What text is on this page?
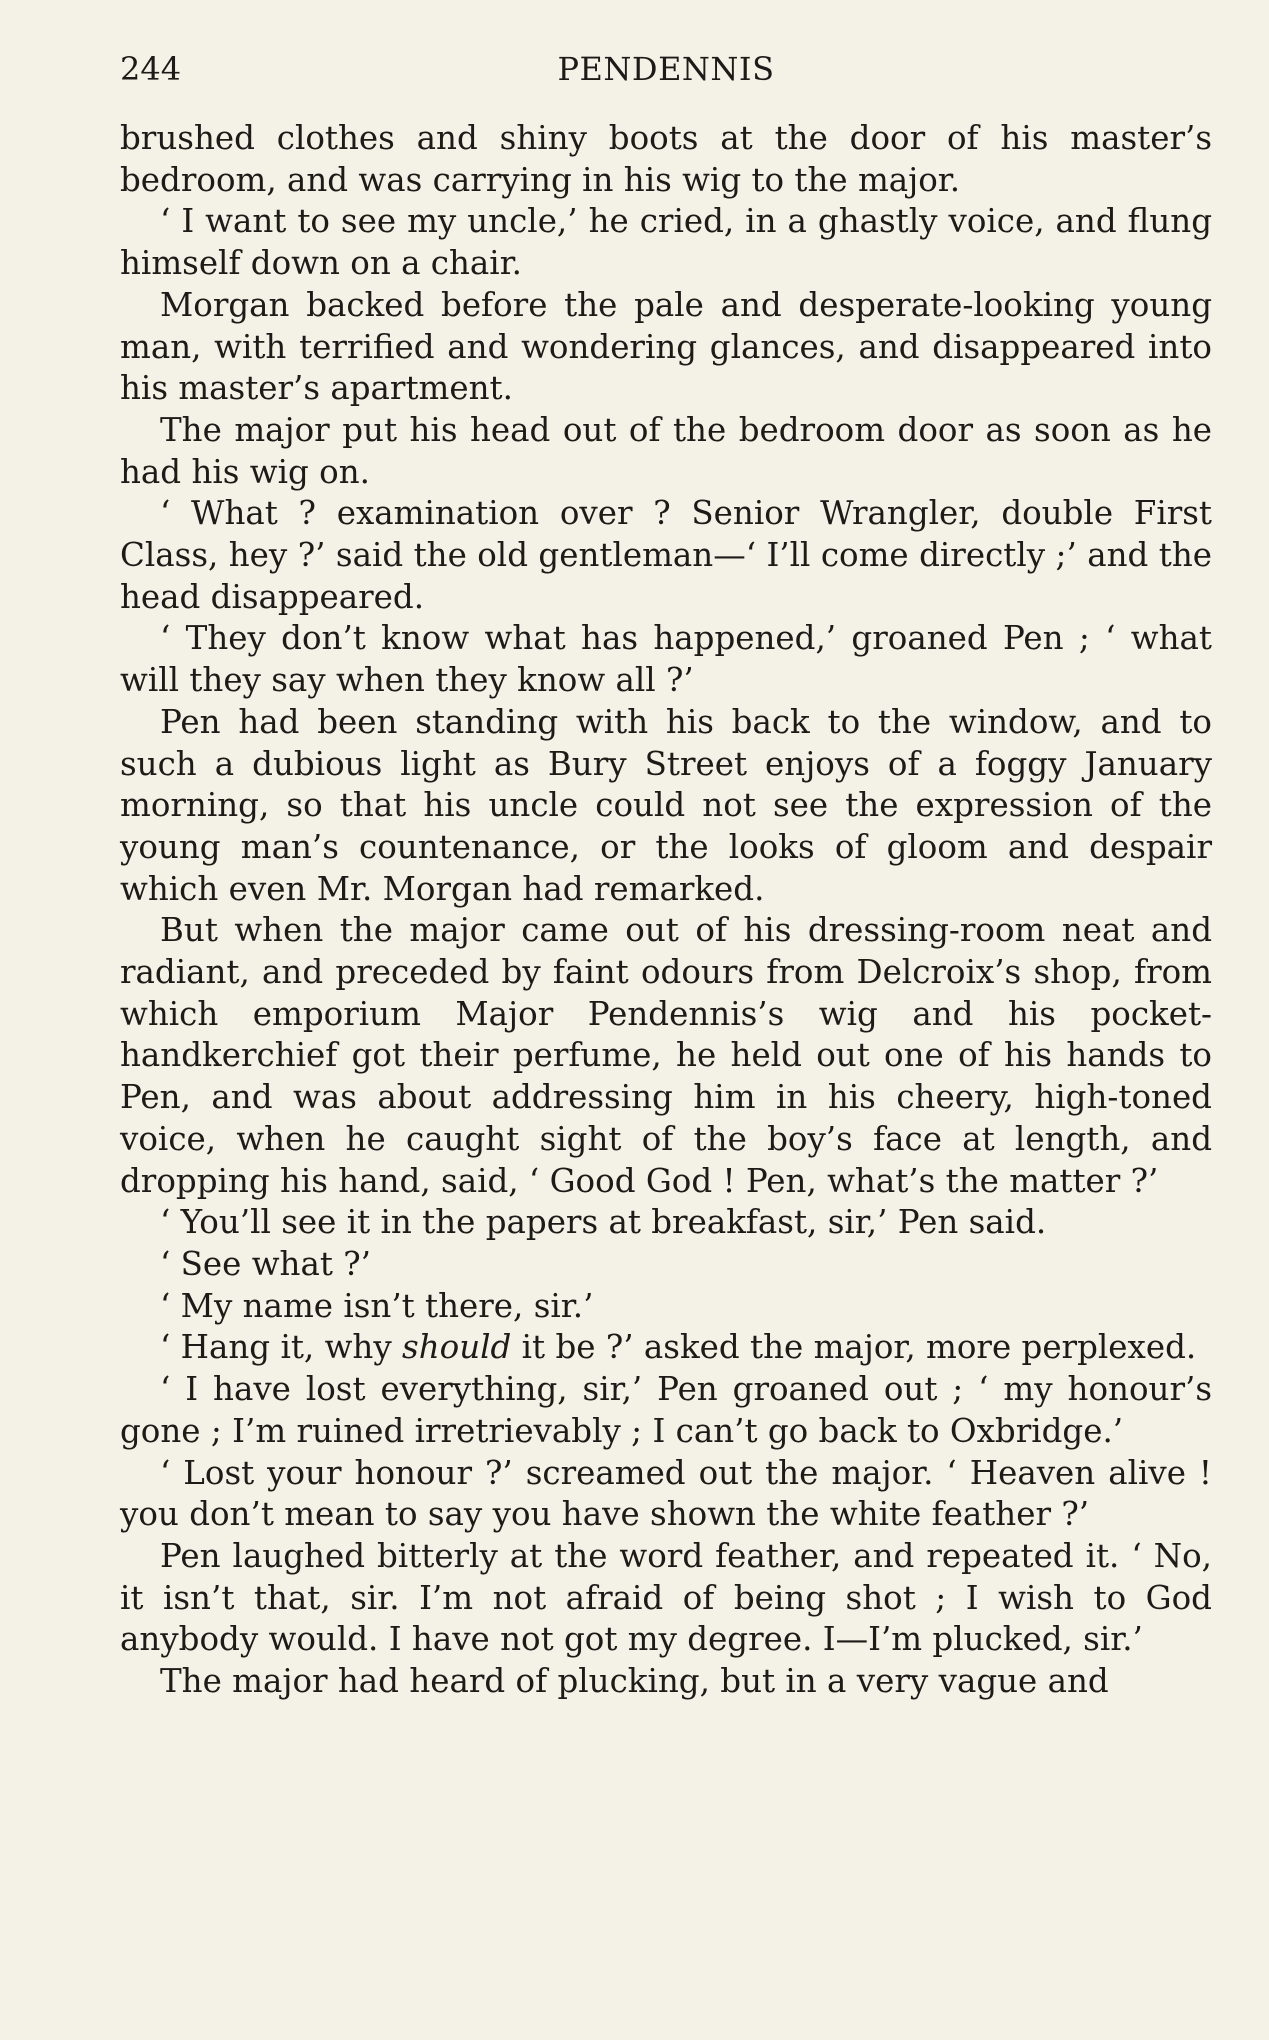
244	PENDENNIS

brushed clothes and shiny boots at the door of his master’s bedroom, and was carrying in his wig to the major.

‘ I want to see my uncle,’ he cried, in a ghastly voice, and flung himself down on a chair.

Morgan backed before the pale and desperate-looking young man, with terrified and wondering glances, and disappeared into his master’s apartment.

The major put his head out of the bedroom door as soon as he had his wig on.

‘ What ? examination over ? Senior Wrangler, double First Class, hey ?’ said the old gentleman—‘ I’ll come directly ;’ and the head disappeared.

‘ They don’t know what has happened,’ groaned Pen ; ‘ what will they say when they know all ?’

Pen had been standing with his back to the window, and to such a dubious light as Bury Street enjoys of a foggy January morning, so that his uncle could not see the expression of the young man’s countenance, or the looks of gloom and despair which even Mr. Morgan had remarked.

But when the major came out of his dressing-room neat and radiant, and preceded by faint odours from Delcroix’s shop, from which emporium Major Pendennis’s wig and his pocket-handkerchief got their perfume, he held out one of his hands to Pen, and was about addressing him in his cheery, high-toned voice, when he caught sight of the boy’s face at length, and dropping his hand, said, ‘ Good God ! Pen, what’s the matter ?’

‘ You’ll see it in the papers at breakfast, sir,’ Pen said.

‘ See what ?’

‘ My name isn’t there, sir.’

‘ Hang it, why should it be ?’ asked the major, more perplexed.

‘ I have lost everything, sir,’ Pen groaned out ; ‘ my honour’s gone ; I’m ruined irretrievably ; I can’t go back to Oxbridge.’

‘ Lost your honour ?’ screamed out the major. ‘ Heaven alive ! you don’t mean to say you have shown the white feather ?’

Pen laughed bitterly at the word feather, and repeated it. ‘ No, it isn’t that, sir. I’m not afraid of being shot ; I wish to God anybody would. I have not got my degree. I—I’m plucked, sir.’

The major had heard of plucking, but in a very vague and
